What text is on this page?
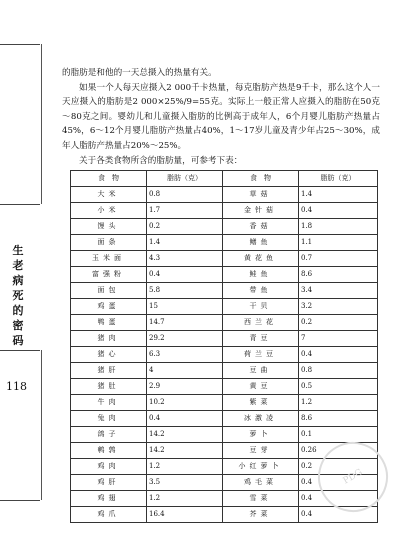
生
老
病
死
的
密
码
118

的脂肪是和他的一天总摄入的热量有关。

如果一个人每天应摄入2 000千卡热量，每克脂肪产热是9千卡，那么这个人一天应摄入的脂肪是2 000×25%/9=55克。实际上一般正常人应摄入的脂肪在50克～80克之间。婴幼儿和儿童摄入脂肪的比例高于成年人，6个月婴儿脂肪产热量占45%，6～12个月婴儿脂肪产热量占40%，1～17岁儿童及青少年占25～30%，成年人脂肪产热量占20%～25%。

关于各类食物所含的脂肪量，可参考下表：

食　物	脂肪（克）	食　物	脂肪（克）
大米	0.8	草菇	1.4
小米	1.7	金针菇	0.4
馒头	0.2	香菇	1.8
面条	1.4	鳝鱼	1.1
玉米面	4.3	黄花鱼	0.7
富强粉	0.4	鲑鱼	8.6
面包	5.8	带鱼	3.4
鸡蛋	15	干贝	3.2
鸭蛋	14.7	西兰花	0.2
猪肉	29.2	青豆	7
猪心	6.3	荷兰豆	0.4
猪肝	4	豆曲	0.8
猪肚	2.9	黄豆	0.5
牛肉	10.2	紫菜	1.2
兔肉	0.4	冰激凌	8.6
鸽子	14.2	萝卜	0.1
鹌鹑	14.2	豆芽	0.26
鸡肉	1.2	小红萝卜	0.2
鸡肝	3.5	鸡毛菜	0.4
鸡翅	1.2	雪菜	0.4
鸡爪	16.4	芥菜	0.4
PDG
